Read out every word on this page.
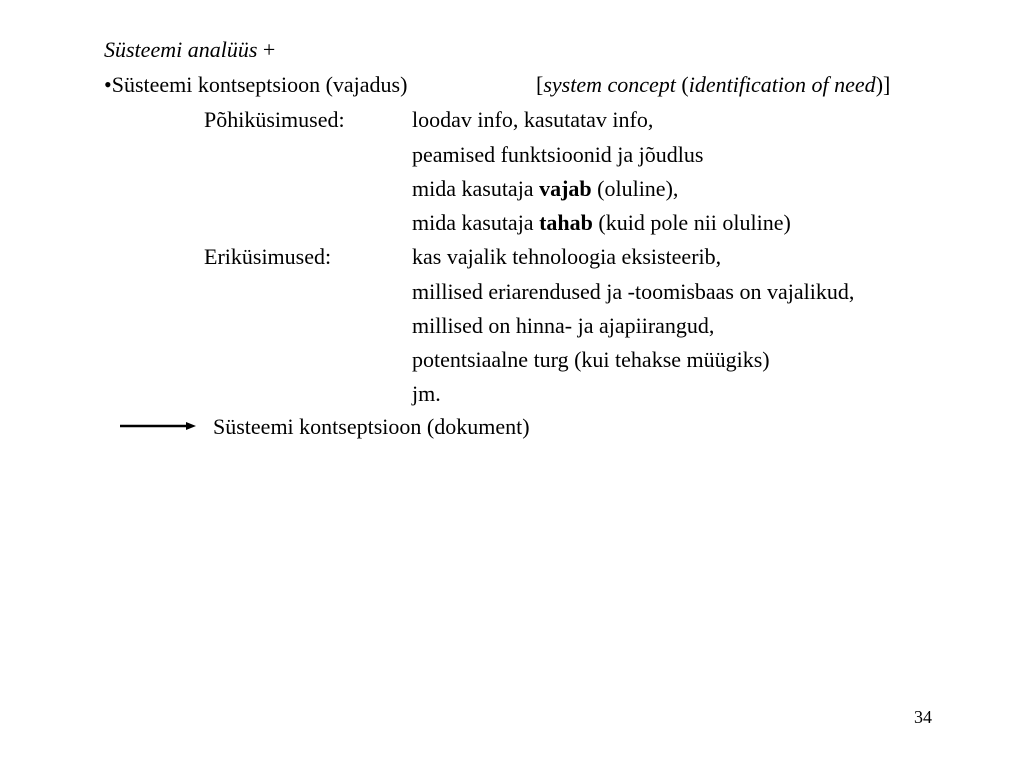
Süsteemi analüüs +
•Süsteemi kontseptsioon (vajadus)	[system concept (identification of need)]
Põhiküsimused:	loodav info, kasutatav info,
peamised funktsioonid ja jõudlus
mida kasutaja vajab (oluline),
mida kasutaja tahab (kuid pole nii oluline)
Eriküsimused:	kas vajalik tehnoloogia eksisteerib,
millised eriarendused ja -toomisbaas on vajalikud,
millised on hinna- ja ajapiirangud,
potentsiaalne turg (kui tehakse müügiks)
jm.
Süsteemi kontseptsioon (dokument)
34
